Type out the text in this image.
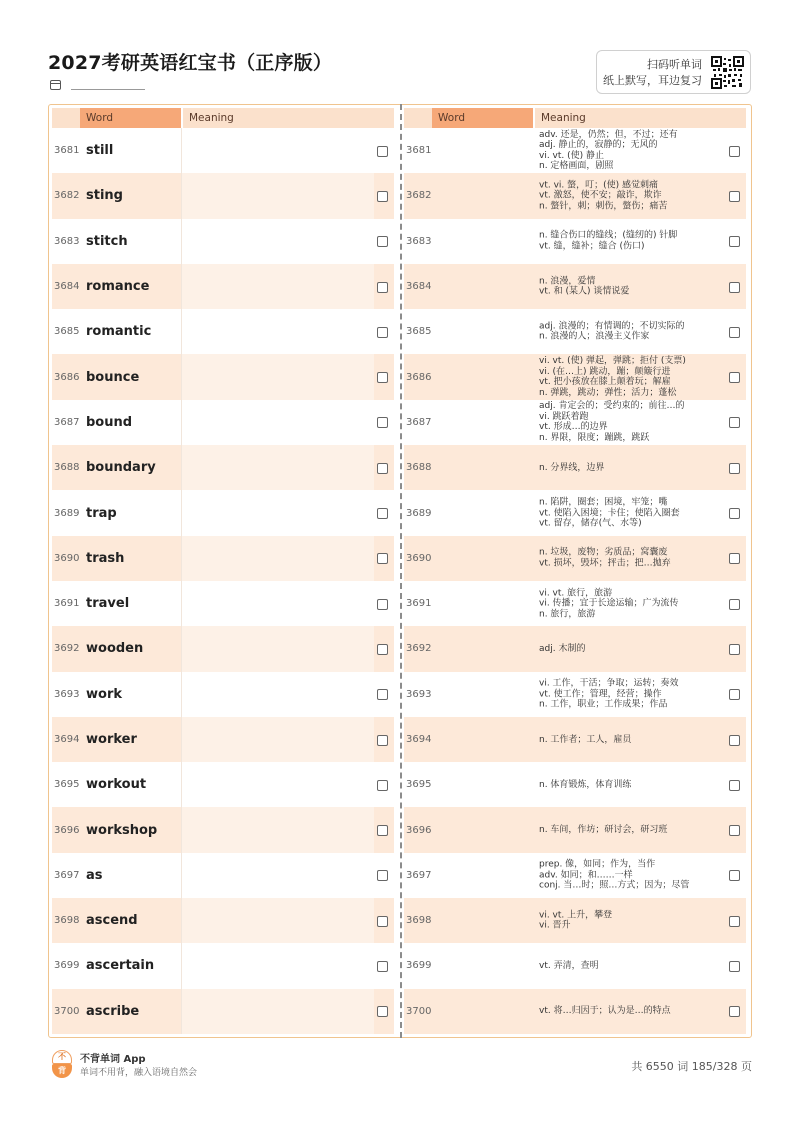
2027考研英语红宝书（正序版）	扫码听单词
纸上默写，耳边复习
Word	Meaning
3681 still
3682 sting
3683 stitch
3684 romance
3685 romantic
3686 bounce
3687 bound
3688 boundary
3689 trap
3690 trash
3691 travel
3692 wooden
3693 work
3694 worker
3695 workout
3696 workshop
3697 as
3698 ascend
3699 ascertain
3700 ascribe
Word	Meaning
3681
adv. 还是，仍然；但，不过；还有
adj. 静止的，寂静的；无风的
vi. vt. (使) 静止
n. 定格画面，剧照
3682
vt. vi. 螫，叮；(使) 感觉刺痛
vt. 激怒，使不安；敲诈，欺诈
n. 螫针，刺；刺伤，螫伤；痛苦
3683	n. 缝合伤口的缝线；(缝纫的) 针脚
vt. 缝，缝补；缝合 (伤口)
3684	n. 浪漫，爱情
vt. 和 (某人) 谈情说爱
3685	adj. 浪漫的；有情调的；不切实际的
n. 浪漫的人；浪漫主义作家
3686
vi. vt. (使) 弹起，弹跳；拒付 (支票)
vi. (在…上) 跳动，蹦；颠簸行进
vt. 把小孩放在膝上颠着玩；解雇
n. 弹跳，跳动；弹性；活力；蓬松
3687
adj. 肯定会的；受约束的；前往…的
vi. 跳跃着跑
vt. 形成…的边界
n. 界限，限度；蹦跳，跳跃
3688	n. 分界线，边界
3689
n. 陷阱，圈套；困境，牢笼；嘴
vt. 使陷入困境；卡住；使陷入圈套
vt. 留存，储存(气、水等)
3690	n. 垃圾，废物；劣质品；窝囊废
vt. 损坏，毁坏；抨击；把…抛弃
3691
vi. vt. 旅行，旅游
vi. 传播；宜于长途运输；广为流传
n. 旅行，旅游
3692	adj. 木制的
3693
vi. 工作，干活；争取；运转；奏效
vt. 使工作；管理，经营；操作
n. 工作，职业；工作成果；作品
3694	n. 工作者；工人，雇员
3695	n. 体育锻炼，体育训练
3696	n. 车间，作坊；研讨会，研习班
3697
prep. 像，如同；作为，当作
adv. 如同；和……一样
conj. 当…时；照…方式；因为；尽管
3698	vi. vt. 上升，攀登
vi. 晋升
3699	vt. 弄清，查明
3700	vt. 将…归因于；认为是…的特点
不
背
不背单词 App
单词不用背，融入语境自然会	共 6550 词 185/328 页
